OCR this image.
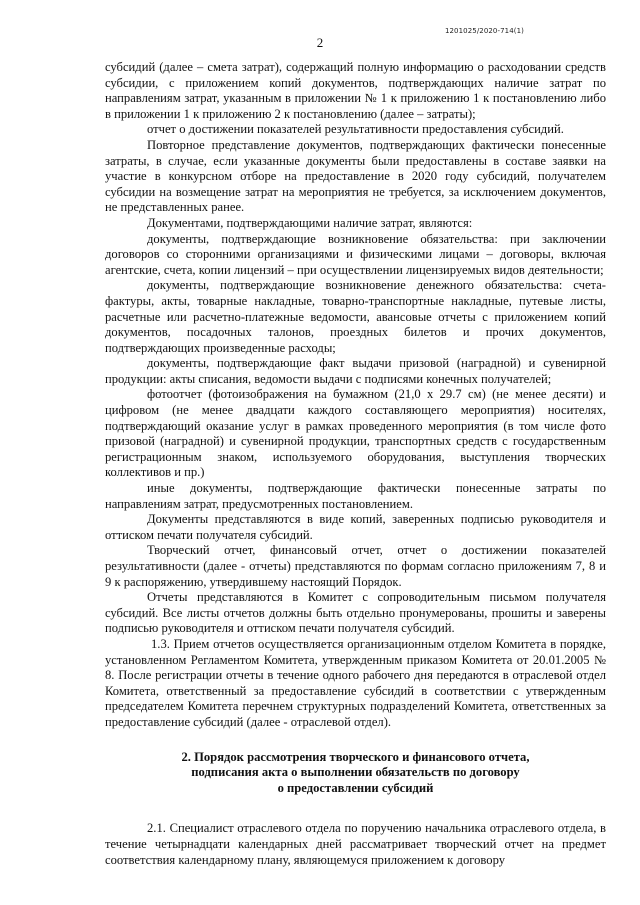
1201025/2020-714(1)
2

субсидий (далее – смета затрат), содержащий полную информацию о расходовании средств субсидии, с приложением копий документов, подтверждающих наличие затрат по направлениям затрат, указанным в приложении № 1 к приложению 1 к постановлению либо в приложении 1 к приложению 2 к постановлению (далее – затраты);

отчет о достижении показателей результативности предоставления субсидий.

Повторное представление документов, подтверждающих фактически понесенные затраты, в случае, если указанные документы были предоставлены в составе заявки на участие в конкурсном отборе на предоставление в 2020 году субсидий, получателем субсидии на возмещение затрат на мероприятия не требуется, за исключением документов, не представленных ранее.

Документами, подтверждающими наличие затрат, являются:

документы, подтверждающие возникновение обязательства: при заключении договоров со сторонними организациями и физическими лицами – договоры, включая агентские, счета, копии лицензий – при осуществлении лицензируемых видов деятельности;

документы, подтверждающие возникновение денежного обязательства: счета-фактуры, акты, товарные накладные, товарно-транспортные накладные, путевые листы, расчетные или расчетно-платежные ведомости, авансовые отчеты с приложением копий документов, посадочных талонов, проездных билетов и прочих документов, подтверждающих произведенные расходы;

документы, подтверждающие факт выдачи призовой (наградной) и сувенирной продукции: акты списания, ведомости выдачи с подписями конечных получателей;

фотоотчет (фотоизображения на бумажном (21,0 х 29.7 см) (не менее десяти) и цифровом (не менее двадцати каждого составляющего мероприятия) носителях, подтверждающий оказание услуг в рамках проведенного мероприятия (в том числе фото призовой (наградной) и сувенирной продукции, транспортных средств с государственным регистрационным знаком, используемого оборудования, выступления творческих коллективов и пр.)

иные документы, подтверждающие фактически понесенные затраты по направлениям затрат, предусмотренных постановлением.

Документы представляются в виде копий, заверенных подписью руководителя и оттиском печати получателя субсидий.

Творческий отчет, финансовый отчет, отчет о достижении показателей результативности (далее - отчеты) представляются по формам согласно приложениям 7, 8 и 9 к распоряжению, утвердившему настоящий Порядок.

Отчеты представляются в Комитет с сопроводительным письмом получателя субсидий. Все листы отчетов должны быть отдельно пронумерованы, прошиты и заверены подписью руководителя и оттиском печати получателя субсидий.

1.3. Прием отчетов осуществляется организационным отделом Комитета в порядке, установленном Регламентом Комитета, утвержденным приказом Комитета от 20.01.2005 № 8. После регистрации отчеты в течение одного рабочего дня передаются в отраслевой отдел Комитета, ответственный за предоставление субсидий в соответствии с утвержденным председателем Комитета перечнем структурных подразделений Комитета, ответственных за предоставление субсидий (далее - отраслевой отдел).

2. Порядок рассмотрения творческого и финансового отчета,
подписания акта о выполнении обязательств по договору
о предоставлении субсидий

2.1. Специалист отраслевого отдела по поручению начальника отраслевого отдела, в течение четырнадцати календарных дней рассматривает творческий отчет на предмет соответствия календарному плану, являющемуся приложением к договору
